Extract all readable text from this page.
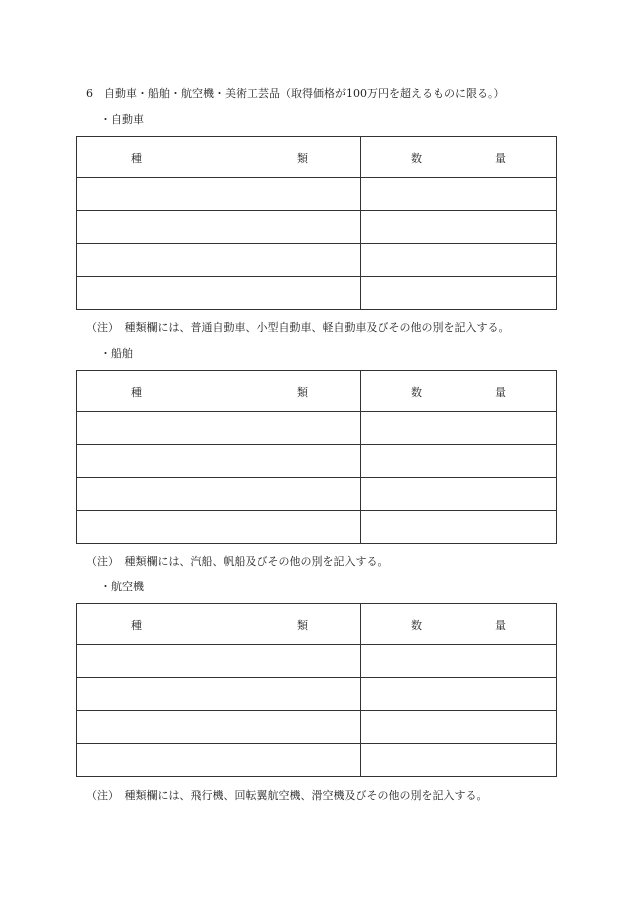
6　自動車・船舶・航空機・美術工芸品（取得価格が100万円を超えるものに限る。）
・自動車
種 類	数 量

（注）　種類欄には、普通自動車、小型自動車、軽自動車及びその他の別を記入する。
・船舶
種 類	数 量

（注）　種類欄には、汽船、帆船及びその他の別を記入する。
・航空機
種 類	数 量

（注）　種類欄には、飛行機、回転翼航空機、滑空機及びその他の別を記入する。
